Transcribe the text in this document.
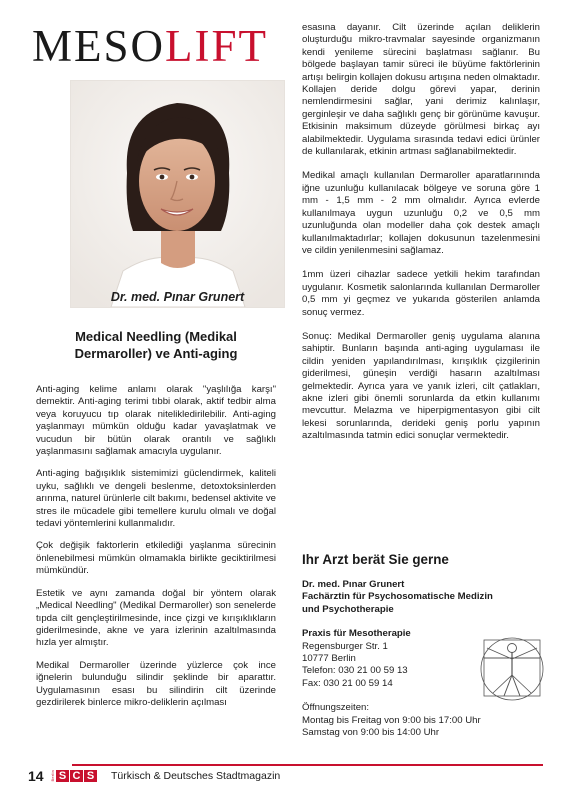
MESOLIFT
Dr. med. Pınar Grunert
Medical Needling (Medikal Dermaroller) ve Anti-aging

Anti-aging kelime anlamı olarak "yaşlılığa karşı" demektir. Anti-aging terimi tıbbi olarak, aktif tedbir alma veya koruyucu tıp olarak nitelikledirilebilir. Anti-aging yaşlanmayı mümkün olduğu kadar yavaşlatmak ve vucudun bir bütün olarak orantılı ve sağlıklı yaşlanmasını sağlamak amacıyla uygulanır.

Anti-aging bağışıklık sistemimizi güclendirmek, kaliteli uyku, sağlıklı ve dengeli beslenme, detoxtoksinlerden arınma, naturel ürünlerle cilt bakımı, bedensel aktivite ve stres ile mücadele gibi temellere kurulu olmalı ve doğal tedavi yöntemlerini kullanmalıdır.

Çok değişik faktorlerin etkilediği yaşlanma sürecinin önlenebilmesi mümkün olmamakla birlikte geciktirilmesi mümkündür.

Estetik ve aynı zamanda doğal bir yöntem olarak „Medical Needling" (Medikal Dermaroller) son senelerde tıpda cilt gençleştirilmesinde, ince çizgi ve kırışıklıkların giderilmesinde, akne ve yara izlerinin azaltılmasında hızla yer almıştır.

Medikal Dermaroller üzerinde yüzlerce çok ince iğnelerin bulunduğu silindir şeklinde bir aparattır. Uygulamasının esası bu silindirin cilt üzerinde gezdirilerek binlerce mikro-deliklerin açılması

esasına dayanır. Cilt üzerinde açılan deliklerin oluşturduğu mikro-travmalar sayesinde organizmanın kendi yenileme sürecini başlatması sağlanır. Bu bölgede başlayan tamir süreci ile büyüme faktörlerinin artışı belirgin kollajen dokusu artışına neden olmaktadır. Kollajen deride dolgu görevi yapar, derinin nemlendirmesini sağlar, yani derimiz kalınlaşır, gerginleşir ve daha sağlıklı genç bir görünüme kavuşur. Etkisinin maksimum düzeyde görülmesi birkaç ayı alabilmektedir. Uygulama sırasında tedavi edici ürünler de kullanılarak, etkinin artması sağlanabilmektedir.

Medikal amaçlı kullanılan Dermaroller aparatlarınında iğne uzunluğu kullanılacak bölgeye ve soruna göre 1 mm - 1,5 mm - 2 mm olmalıdır. Ayrıca evlerde kullanılmaya uygun uzunluğu 0,2 ve 0,5 mm uzunluğunda olan modeller daha çok destek amaçlı kullanılmaktadırlar; kollajen dokusunun tazelenmesini ve cildin yenilenmesini sağlamaz.

1mm üzeri cihazlar sadece yetkili hekim tarafından uygulanır. Kosmetik salonlarında kullanılan Dermaroller 0,5 mm yi geçmez ve yukarıda gösterilen anlamda sonuç vermez.

Sonuç: Medikal Dermaroller geniş uygulama alanına sahiptir. Bunların başında anti-aging uygulaması ile cildin yeniden yapılandırılması, kırışıklık çizgilerinin giderilmesi, güneşin verdiği hasarın azaltılması gelmektedir. Ayrıca yara ve yanık izleri, cilt çatlakları, akne izleri gibi önemli sorunlarda da etkin kullanımı mevcuttur. Melazma ve hiperpigmentasyon gibi cilt lekesi sorunlarında, derideki geniş porlu yapının azaltılmasında tatmin edici sonuçlar vermektedir.

Ihr Arzt berät Sie gerne

Dr. med. Pınar Grunert

Fachärztin für Psychosomatische Medizin

und Psychotherapie

Praxis für Mesotherapie

Regensburger Str. 1

10777 Berlin

Telefon: 030 21 00 59 13

Fax: 030 21 00 59 14

Öffnungszeiten:

Montag bis Freitag von 9:00 bis 17:00 Uhr

Samstag von 9:00 bis 14:00 Uhr

14 Berlin S C S Türkisch & Deutsches Stadtmagazin
